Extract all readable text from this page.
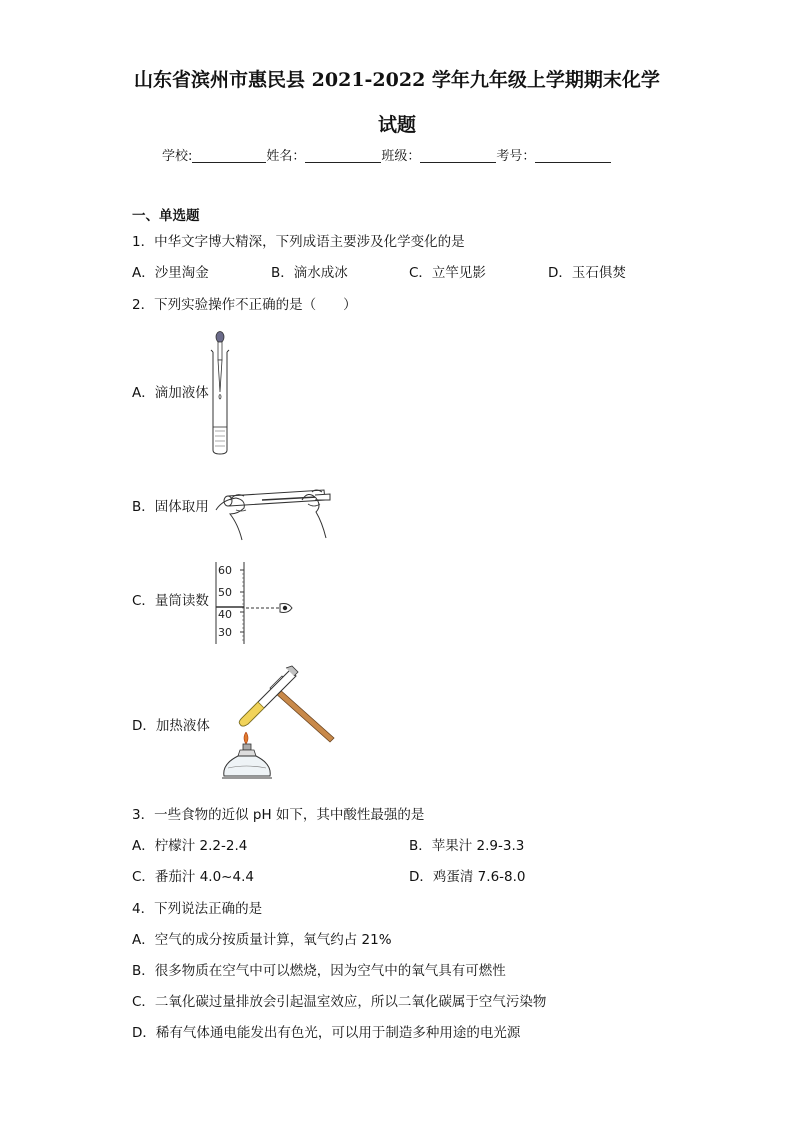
山东省滨州市惠民县 2021-2022 学年九年级上学期期末化学
试题
学校:	姓名：	班级：	考号：
一、单选题
1．中华文字博大精深，下列成语主要涉及化学变化的是
A．沙里淘金	B．滴水成冰	C．立竿见影	D．玉石俱焚
2．下列实验操作不正确的是（　　）
A．滴加液体
B．固体取用
C．量筒读数
D．加热液体
60
50
40
30
3．一些食物的近似 pH 如下，其中酸性最强的是
A．柠檬汁 2.2-2.4	B．苹果汁 2.9-3.3
C．番茄汁 4.0~4.4	D．鸡蛋清 7.6-8.0
4．下列说法正确的是
A．空气的成分按质量计算，氧气约占 21%
B．很多物质在空气中可以燃烧，因为空气中的氧气具有可燃性
C．二氧化碳过量排放会引起温室效应，所以二氧化碳属于空气污染物
D．稀有气体通电能发出有色光，可以用于制造多种用途的电光源
